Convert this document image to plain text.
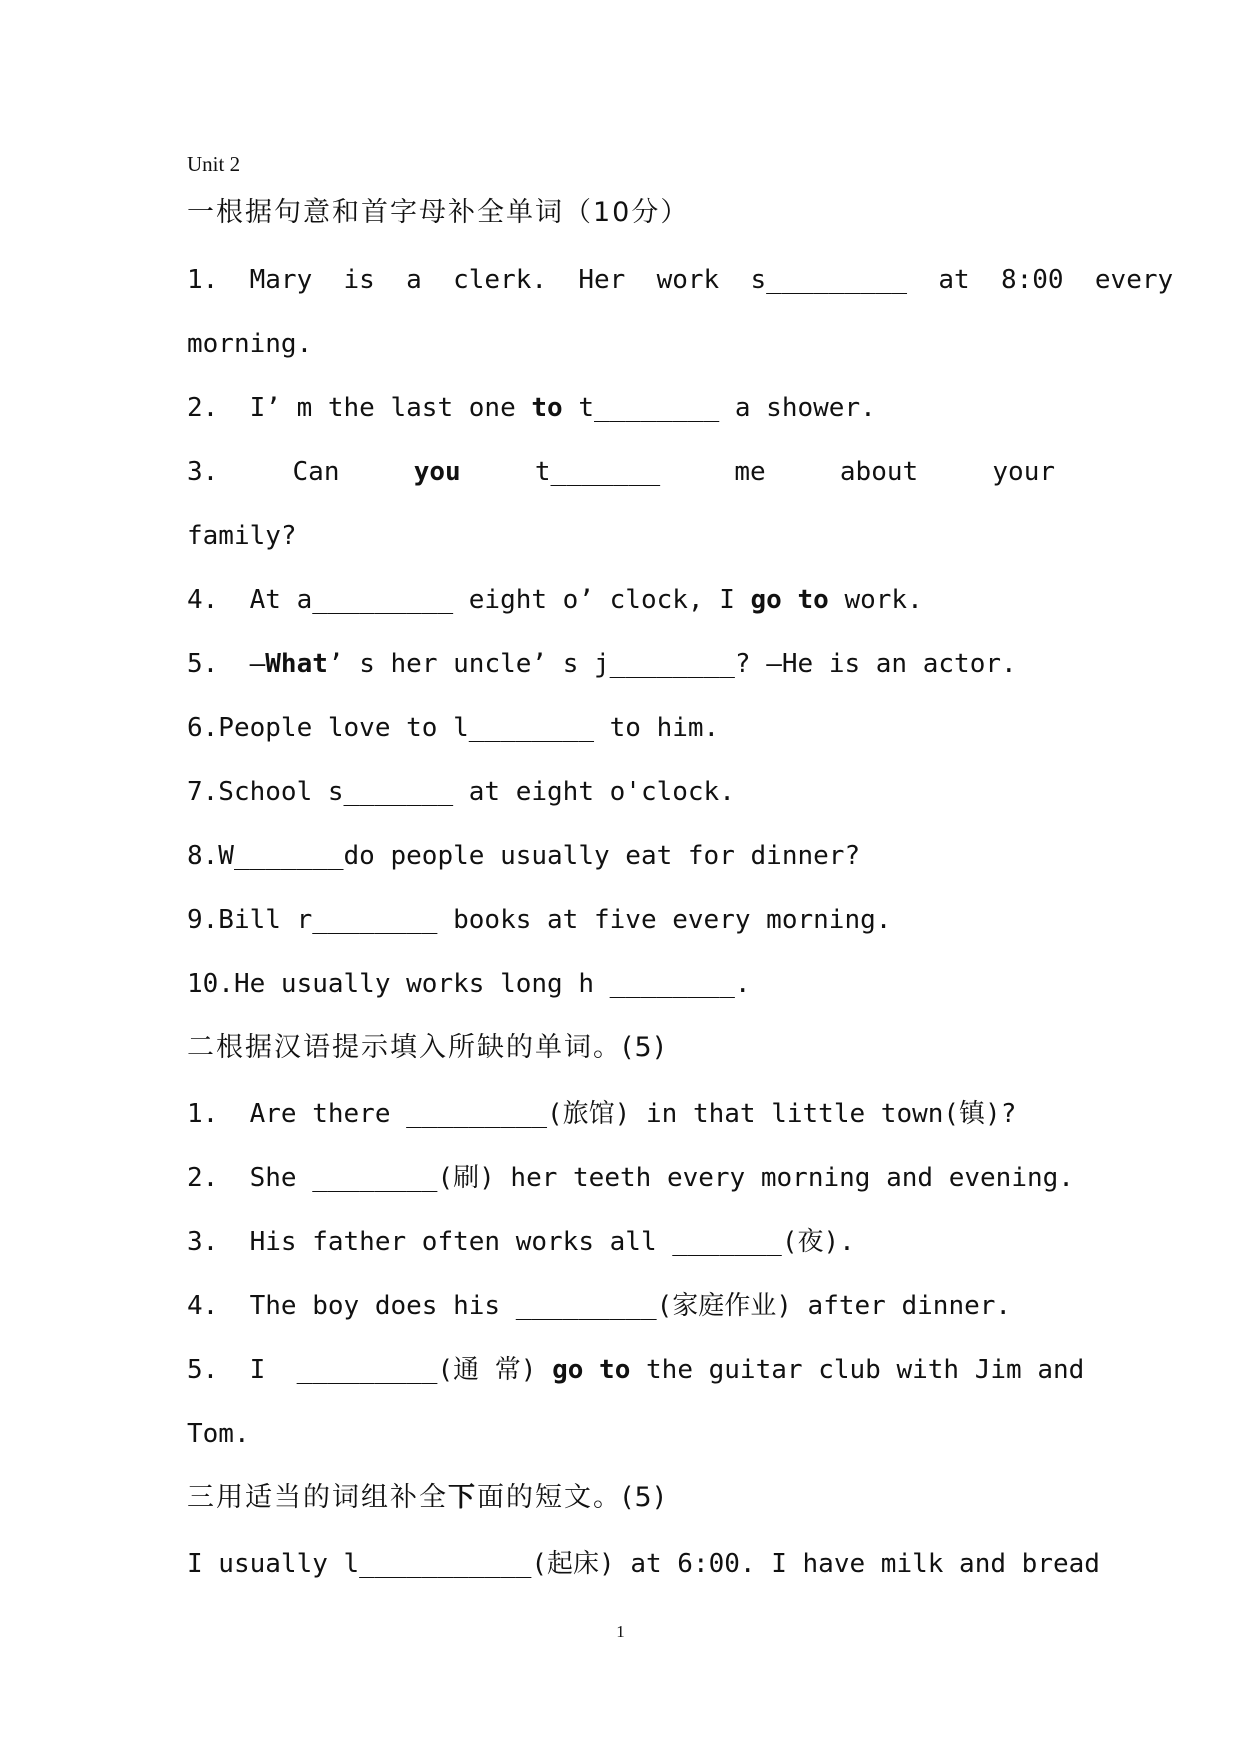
Unit 2
一根据句意和首字母补全单词（10分）
1.  Mary  is  a  clerk.  Her  work  s_________  at  8:00  every
morning.
2.  I’ m the last one to t________ a shower.
3.	Can	you	t_______	me	about	your
family?
4.  At a_________ eight o’ clock, I go to work.
5.  —What’ s her uncle’ s j________? —He is an actor.
6.People love to l________ to him.
7.School s_______ at eight o'clock.
8.W_______do people usually eat for dinner?
9.Bill r________ books at five every morning.
10.He usually works long h ________.
二根据汉语提示填入所缺的单词。(5)
1.  Are there _________(旅馆) in that little town(镇)?
2.  She ________(刷) her teeth every morning and evening.
3.  His father often works all _______(夜).
4.  The boy does his _________(家庭作业) after dinner.
5.  I  _________(通 常) go to the guitar club with Jim and
Tom.
三用适当的词组补全下面的短文。(5)
I usually l___________(起床) at 6:00. I have milk and bread
1
